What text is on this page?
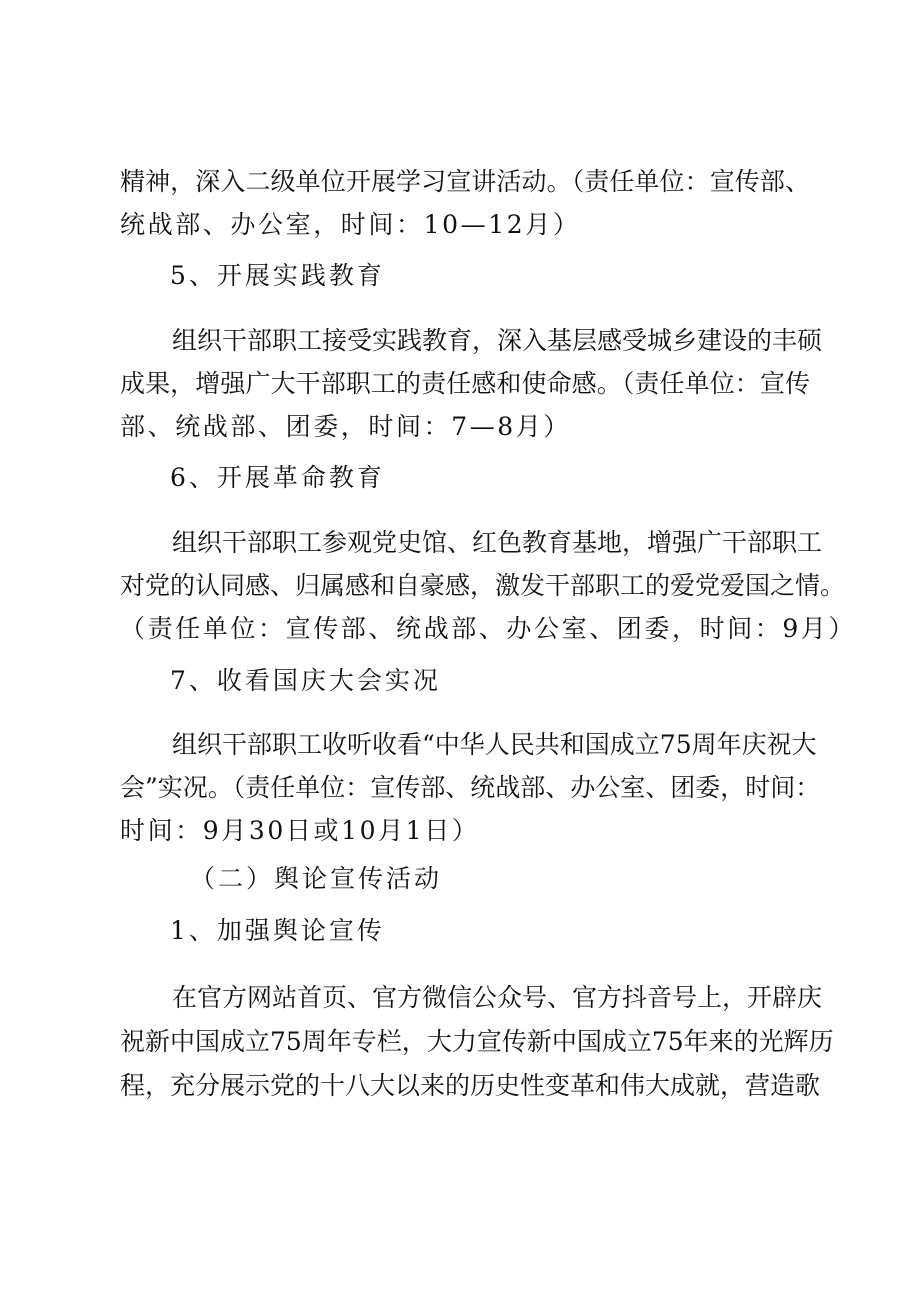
精神，深入二级单位开展学习宣讲活动。（责任单位：宣传部、
统战部、办公室，时间：10—12月）
5、开展实践教育
组织干部职工接受实践教育，深入基层感受城乡建设的丰硕
成果，增强广大干部职工的责任感和使命感。（责任单位：宣传
部、统战部、团委，时间：7—8月）
6、开展革命教育
组织干部职工参观党史馆、红色教育基地，增强广干部职工
对党的认同感、归属感和自豪感，激发干部职工的爱党爱国之情。
（责任单位：宣传部、统战部、办公室、团委，时间：9月）
7、收看国庆大会实况
组织干部职工收听收看“中华人民共和国成立75周年庆祝大
会”实况。（责任单位：宣传部、统战部、办公室、团委，时间：
时间：9月30日或10月1日）
（二）舆论宣传活动
1、加强舆论宣传
在官方网站首页、官方微信公众号、官方抖音号上，开辟庆
祝新中国成立75周年专栏，大力宣传新中国成立75年来的光辉历
程，充分展示党的十八大以来的历史性变革和伟大成就，营造歌
